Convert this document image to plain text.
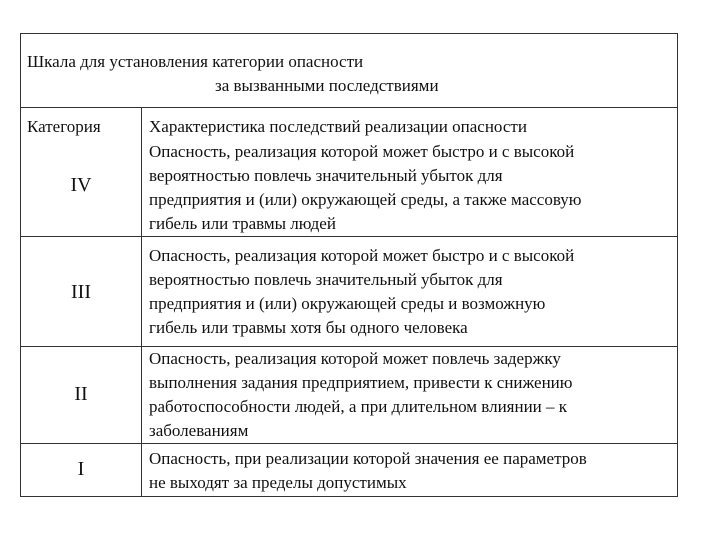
Шкала для установления категории опасности
за вызванными последствиями
Категория	Характеристика последствий реализации опасности
IV
Опасность, реализация которой может быстро и с высокой
вероятностью повлечь значительный убыток для
предприятия и (или) окружающей среды, а также массовую
гибель или травмы людей
III
Опасность, реализация которой может быстро и с высокой
вероятностью повлечь значительный убыток для
предприятия и (или) окружающей среды и возможную
гибель или травмы хотя бы одного человека
II
Опасность, реализация которой может повлечь задержку
выполнения задания предприятием, привести к снижению
работоспособности людей, а при длительном влиянии – к
заболеваниям
I	Опасность, при реализации которой значения ее параметров
не выходят за пределы допустимых
